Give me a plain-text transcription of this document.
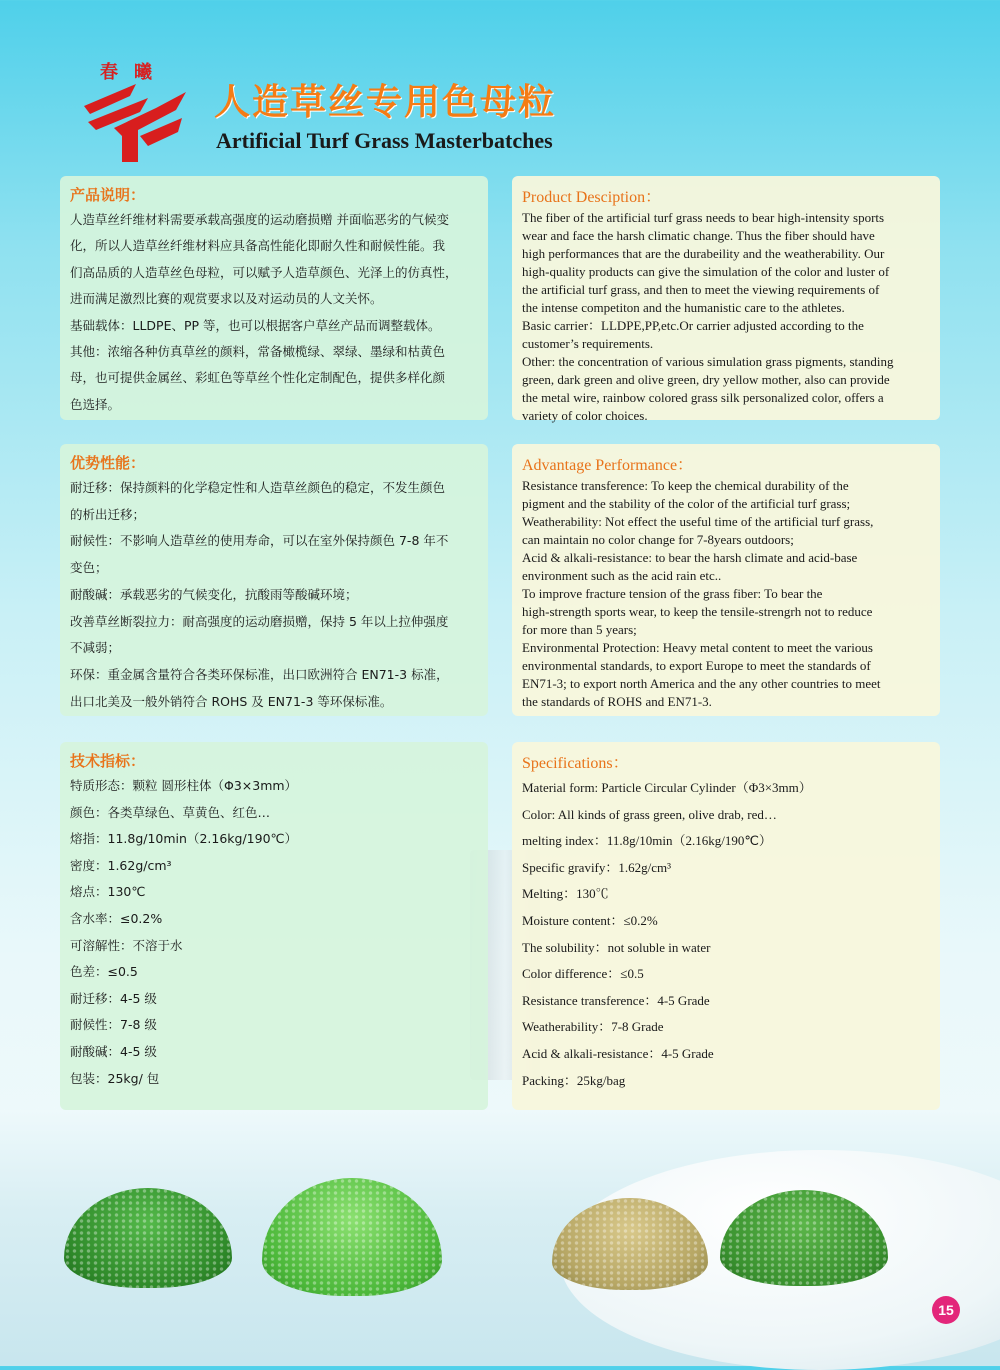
春曦
人造草丝专用色母粒
Artificial Turf Grass Masterbatches
产品说明：
人造草丝纤维材料需要承载高强度的运动磨损赠 并面临恶劣的气候变
化，所以人造草丝纤维材料应具备高性能化即耐久性和耐候性能。我
们高品质的人造草丝色母粒，可以赋予人造草颜色、光泽上的仿真性，
进而满足激烈比赛的观赏要求以及对运动员的人文关怀。
基础载体：LLDPE、PP 等，也可以根据客户草丝产品而调整载体。
其他：浓缩各种仿真草丝的颜料，常备橄榄绿、翠绿、墨绿和枯黄色
母，也可提供金属丝、彩虹色等草丝个性化定制配色，提供多样化颜
色选择。
Product Desciption：
The fiber of the artificial turf grass needs to bear high-intensity sports
wear and face the harsh climatic change. Thus the fiber should have
high performances that are the durabeility and the weatherability. Our
high-quality products can give the simulation of the color and luster of
the artificial turf grass, and then to meet the viewing requirements of
the intense competiton and the humanistic care to the athletes.
Basic carrier：LLDPE,PP,etc.Or carrier adjusted according to the
customer’s requirements.
Other: the concentration of various simulation grass pigments, standing
green, dark green and olive green, dry yellow mother, also can provide
the metal wire, rainbow colored grass silk personalized color, offers a
variety of color choices.
优势性能：
耐迁移：保持颜料的化学稳定性和人造草丝颜色的稳定，不发生颜色
的析出迁移；
耐候性：不影响人造草丝的使用寿命，可以在室外保持颜色 7-8 年不
变色；
耐酸碱：承载恶劣的气候变化，抗酸雨等酸碱环境；
改善草丝断裂拉力：耐高强度的运动磨损赠，保持 5 年以上拉伸强度
不减弱；
环保：重金属含量符合各类环保标准，出口欧洲符合 EN71-3 标准，
出口北美及一般外销符合 ROHS 及 EN71-3 等环保标准。
Advantage Performance：
Resistance transference: To keep the chemical durability of the
pigment and the stability of the color of the artificial turf grass;
Weatherability: Not effect the useful time of the artificial turf grass,
can maintain no color change for 7-8years outdoors;
Acid & alkali-resistance: to bear the harsh climate and acid-base
environment such as the acid rain etc..
To improve fracture tension of the grass fiber: To bear the
high-strength sports wear, to keep the tensile-strengrh not to reduce
for more than 5 years;
Environmental Protection: Heavy metal content to meet the various
environmental standards, to export Europe to meet the standards of
EN71-3; to export north America and the any other countries to meet
the standards of ROHS and EN71-3.
技术指标：
特质形态：颗粒 圆形柱体（Φ3×3mm）
颜色：各类草绿色、草黄色、红色…
熔指：11.8g/10min（2.16kg/190℃）
密度：1.62g/cm³
熔点：130℃
含水率：≤0.2%
可溶解性：不溶于水
色差：≤0.5
耐迁移：4-5 级
耐候性：7-8 级
耐酸碱：4-5 级
包装：25kg/ 包
Specifications：
Material form: Particle Circular Cylinder（Φ3×3mm）
Color: All kinds of grass green, olive drab, red…
melting index：11.8g/10min（2.16kg/190℃）
Specific gravify：1.62g/cm³
Melting：130℃
Moisture content：≤0.2%
The solubility：not soluble in water
Color difference：≤0.5
Resistance transference：4-5 Grade
Weatherability：7-8 Grade
Acid & alkali-resistance：4-5 Grade
Packing：25kg/bag
15
